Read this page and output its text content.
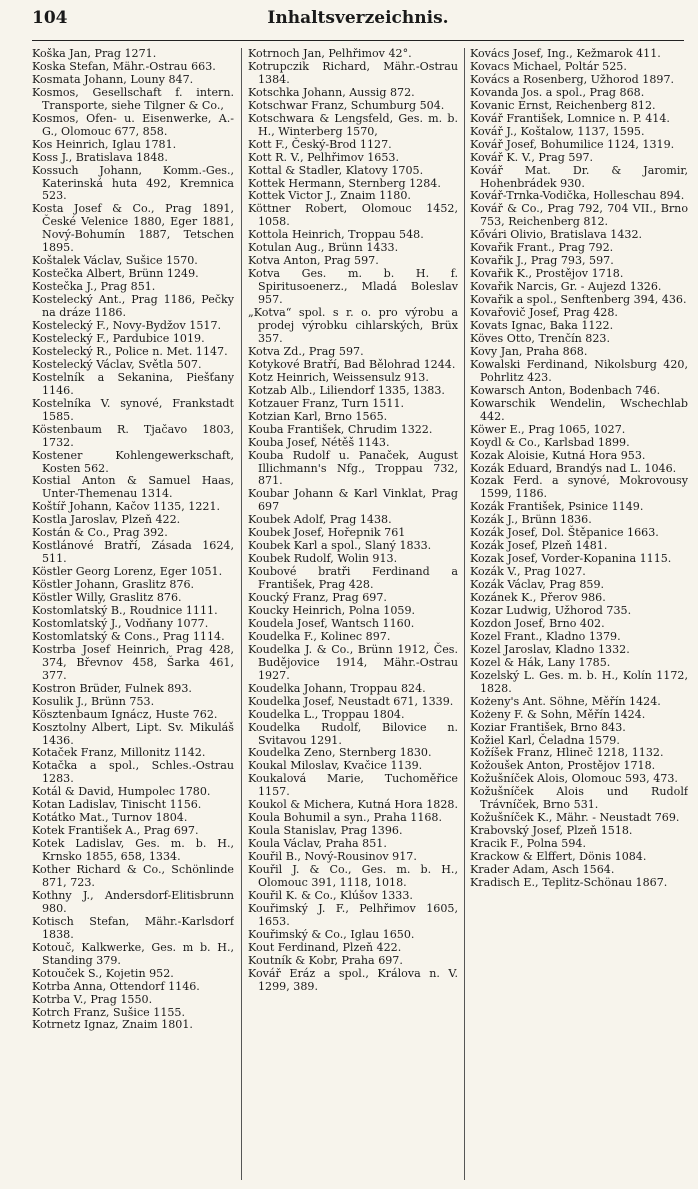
104	Inhaltsverzeichnis.

Koška Jan, Prag 1271.

Koska Stefan, Mähr.-Ostrau 663.

Kosmata Johann, Louny 847.

Kosmos, Gesellschaft f. intern. Transporte, siehe Tilgner & Co.,

Kosmos, Ofen- u. Eisenwerke, A.-G., Olomouc 677, 858.

Kos Heinrich, Iglau 1781.

Koss J., Bratislava 1848.

Kossuch Johann, Komm.-Ges., Katerinská huta 492, Kremnica 523.

Kosta Josef & Co., Prag 1891, České Velenice 1880, Eger 1881, Nový-Bohumín 1887, Tetschen 1895.

Koštalek Václav, Sušice 1570.

Kostečka Albert, Brünn 1249.

Kostečka J., Prag 851.

Kostelecký Ant., Prag 1186, Pečky na dráze 1186.

Kostelecký F., Novy-Bydžov 1517.

Kostelecký F., Pardubice 1019.

Kostelecký R., Police n. Met. 1147.

Kostelecký Václav, Světla 507.

Kostelník a Sekanina, Piešťany 1146.

Kostelníka V. synové, Frankstadt 1585.

Köstenbaum R. Tjačavo 1803, 1732.

Kostener Kohlengewerkschaft, Kosten 562.

Kostial Anton & Samuel Haas, Unter-Themenau 1314.

Koštíř Johann, Kačov 1135, 1221.

Kostla Jaroslav, Plzeň 422.

Kostán & Co., Prag 392.

Kostlánové Bratří, Zásada 1624, 511.

Köstler Georg Lorenz, Eger 1051.

Köstler Johann, Graslitz 876.

Köstler Willy, Graslitz 876.

Kostomlatský B., Roudnice 1111.

Kostomlatský J., Vodňany 1077.

Kostomlatský & Cons., Prag 1114.

Kostrba Josef Heinrich, Prag 428, 374, Břevnov 458, Šarka 461, 377.

Kostron Brüder, Fulnek 893.

Kosulik J., Brünn 753.

Kösztenbaum Ignácz, Huste 762.

Kosztolny Albert, Lipt. Sv. Mikuláš 1436.

Kotaček Franz, Millonitz 1142.

Kotačka a spol., Schles.-Ostrau 1283.

Kotál & David, Humpolec 1780.

Kotan Ladislav, Tinischt 1156.

Kotátko Mat., Turnov 1804.

Kotek František A., Prag 697.

Kotek Ladislav, Ges. m. b. H., Krnsko 1855, 658, 1334.

Kother Richard & Co., Schönlinde 871, 723.

Kothny J., Andersdorf-Elitisbrunn 980.

Kotisch Stefan, Mähr.-Karlsdorf 1838.

Kotouč, Kalkwerke, Ges. m b. H., Standing 379.

Kotouček S., Kojetin 952.

Kotrba Anna, Ottendorf 1146.

Kotrba V., Prag 1550.

Kotrch Franz, Sušice 1155.

Kotrnetz Ignaz, Znaim 1801.

Kotrnoch Jan, Pelhřimov 42°.

Kotrupczik Richard, Mähr.-Ostrau 1384.

Kotschka Johann, Aussig 872.

Kotschwar Franz, Schumburg 504.

Kotschwara & Lengsfeld, Ges. m. b. H., Winterberg 1570,

Kott F., Český-Brod 1127.

Kott R. V., Pelhřimov 1653.

Kottal & Stadler, Klatovy 1705.

Kottek Hermann, Sternberg 1284.

Kottek Victor J., Znaim 1180.

Köttner Robert, Olomouc 1452, 1058.

Kottola Heinrich, Troppau 548.

Kotulan Aug., Brünn 1433.

Kotva Anton, Prag 597.

Kotva Ges. m. b. H. f. Spiritusoenerz., Mladá Boleslav 957.

„Kotva“ spol. s r. o. pro výrobu a prodej výrobku cihlarských, Brüx 357.

Kotva Zd., Prag 597.

Kotykové Bratří, Bad Bělohrad 1244.

Kotz Heinrich, Weissensulz 913.

Kotzab Alb., Liliendorf 1335, 1383.

Kotzauer Franz, Turn 1511.

Kotzian Karl, Brno 1565.

Kouba František, Chrudim 1322.

Kouba Josef, Nétěš 1143.

Kouba Rudolf u. Panaček, August Illichmann's Nfg., Troppau 732, 871.

Koubar Johann & Karl Vinklat, Prag 697

Koubek Adolf, Prag 1438.

Koubek Josef, Hořepnik 761

Koubek Karl a spol., Slaný 1833.

Koubek Rudolf, Wolin 913.

Koubové bratři Ferdinand a František, Prag 428.

Koucký Franz, Prag 697.

Koucky Heinrich, Polna 1059.

Koudela Josef, Wantsch 1160.

Koudelka F., Kolinec 897.

Koudelka J. & Co., Brünn 1912, Čes. Budějovice 1914, Mähr.-Ostrau 1927.

Koudelka Johann, Troppau 824.

Koudelka Josef, Neustadt 671, 1339.

Koudelka L., Troppau 1804.

Koudelka Rudolf, Bilovice n. Svitavou 1291.

Koudelka Zeno, Sternberg 1830.

Koukal Miloslav, Kvačice 1139.

Koukalová Marie, Tuchoměřice 1157.

Koukol & Michera, Kutná Hora 1828.

Koula Bohumil a syn., Praha 1168.

Koula Stanislav, Prag 1396.

Koula Václav, Praha 851.

Kouřil B., Nový-Rousinov 917.

Kouřil J. & Co., Ges. m. b. H., Olomouc 391, 1118, 1018.

Kouřil K. & Co., Klúšov 1333.

Kouřimský J. F., Pelhřimov 1605, 1653.

Kouřimský & Co., Iglau 1650.

Kout Ferdinand, Plzeň 422.

Koutník & Kobr, Praha 697.

Kovář Eráz a spol., Králova n. V. 1299, 389.

Kovács Josef, Ing., Kežmarok 411.

Kovacs Michael, Poltár 525.

Kovács a Rosenberg, Užhorod 1897.

Kovanda Jos. a spol., Prag 868.

Kovanic Ernst, Reichenberg 812.

Kovář František, Lomnice n. P. 414.

Kovář J., Koštalow, 1137, 1595.

Kovář Josef, Bohumilice 1124, 1319.

Kovář K. V., Prag 597.

Kovář Mat. Dr. & Jaromir, Hohenbrádek 930.

Kovář-Trnka-Vodička, Holleschau 894.

Kovář & Co., Prag 792, 704 VII., Brno 753, Reichenberg 812.

Kővári Olivio, Bratislava 1432.

Kovařik Frant., Prag 792.

Kovařik J., Prag 793, 597.

Kovařik K., Prostějov 1718.

Kovařik Narcis, Gr. - Aujezd 1326.

Kovařik a spol., Senftenberg 394, 436.

Kovařovič Josef, Prag 428.

Kovats Ignac, Baka 1122.

Köves Otto, Trenčín 823.

Kovy Jan, Praha 868.

Kowalski Ferdinand, Nikolsburg 420, Pohrlitz 423.

Kowarsch Anton, Bodenbach 746.

Kowarschik Wendelin, Wschechlab 442.

Köwer E., Prag 1065, 1027.

Koydl & Co., Karlsbad 1899.

Kozak Aloisie, Kutná Hora 953.

Kozák Eduard, Brandýs nad L. 1046.

Kozak Ferd. a synové, Mokrovousy 1599, 1186.

Kozák František, Psinice 1149.

Kozák J., Brünn 1836.

Kozák Josef, Dol. Štěpanice 1663.

Kozák Josef, Plzeň 1481.

Kozak Josef, Vorder-Kopanina 1115.

Kozák V., Prag 1027.

Kozák Václav, Prag 859.

Kozánek K., Přerov 986.

Kozar Ludwig, Užhorod 735.

Kozdon Josef, Brno 402.

Kozel Frant., Kladno 1379.

Kozel Jaroslav, Kladno 1332.

Kozel & Hák, Lany 1785.

Kozelský L. Ges. m. b. H., Kolín 1172, 1828.

Kożeny's Ant. Söhne, Měřín 1424.

Kożeny F. & Sohn, Měřín 1424.

Koziar František, Brno 843.

Kožiel Karl, Čeladna 1579.

Kožíšek Franz, Hlineč 1218, 1132.

Kožoušek Anton, Prostějov 1718.

Kožušníček Alois, Olomouc 593, 473.

Kožušníček Alois und Rudolf Trávníček, Brno 531.

Kožušníček K., Mähr. - Neustadt 769.

Krabovský Josef, Plzeň 1518.

Kracik F., Polna 594.

Krackow & Elffert, Dönis 1084.

Krader Adam, Asch 1564.

Kradisch E., Teplitz-Schönau 1867.
